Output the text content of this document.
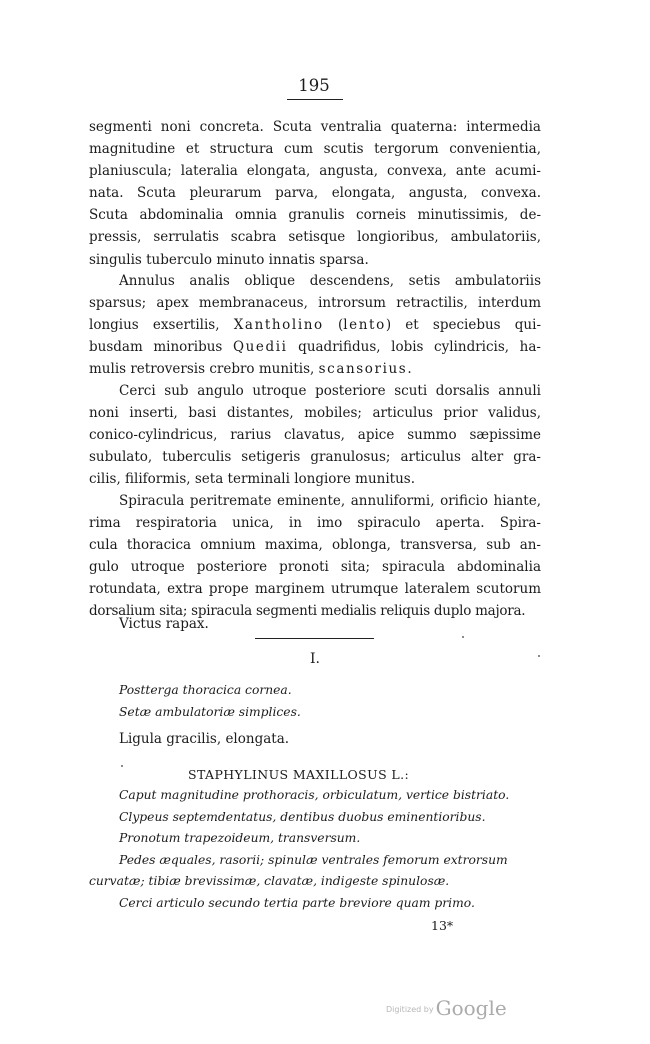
195
segmenti noni concreta. Scuta ventralia quaterna: intermedia
magnitudine et structura cum scutis tergorum convenientia,
planiuscula; lateralia elongata, angusta, convexa, ante acumi-
nata. Scuta pleurarum parva, elongata, angusta, convexa.
Scuta abdominalia omnia granulis corneis minutissimis, de-
pressis, serrulatis scabra setisque longioribus, ambulatoriis,
singulis tuberculo minuto innatis sparsa.
Annulus analis oblique descendens, setis ambulatoriis
sparsus; apex membranaceus, introrsum retractilis, interdum
longius exsertilis, Xantholino (lento) et speciebus qui-
busdam minoribus Quedii quadrifidus, lobis cylindricis, ha-
mulis retroversis crebro munitis, scansorius.
Cerci sub angulo utroque posteriore scuti dorsalis annuli
noni inserti, basi distantes, mobiles; articulus prior validus,
conico-cylindricus, rarius clavatus, apice summo sæpissime
subulato, tuberculis setigeris granulosus; articulus alter gra-
cilis, filiformis, seta terminali longiore munitus.
Spiracula peritremate eminente, annuliformi, orificio hiante,
rima respiratoria unica, in imo spiraculo aperta. Spira-
cula thoracica omnium maxima, oblonga, transversa, sub an-
gulo utroque posteriore pronoti sita; spiracula abdominalia
rotundata, extra prope marginem utrumque lateralem scutorum
dorsalium sita; spiracula segmenti medialis reliquis duplo majora.
Victus rapax.
I.
Postterga thoracica cornea.
Setæ ambulatoriæ simplices.
Ligula gracilis, elongata.
STAPHYLINUS MAXILLOSUS L.:
Caput magnitudine prothoracis, orbiculatum, vertice bistriato.
Clypeus septemdentatus, dentibus duobus eminentioribus.
Pronotum trapezoideum, transversum.
Pedes æquales, rasorii; spinulæ ventrales femorum extrorsum
curvatæ; tibiæ brevissimæ, clavatæ, indigeste spinulosæ.
Cerci articulo secundo tertia parte breviore quam primo.
13*
Digitized by Google
